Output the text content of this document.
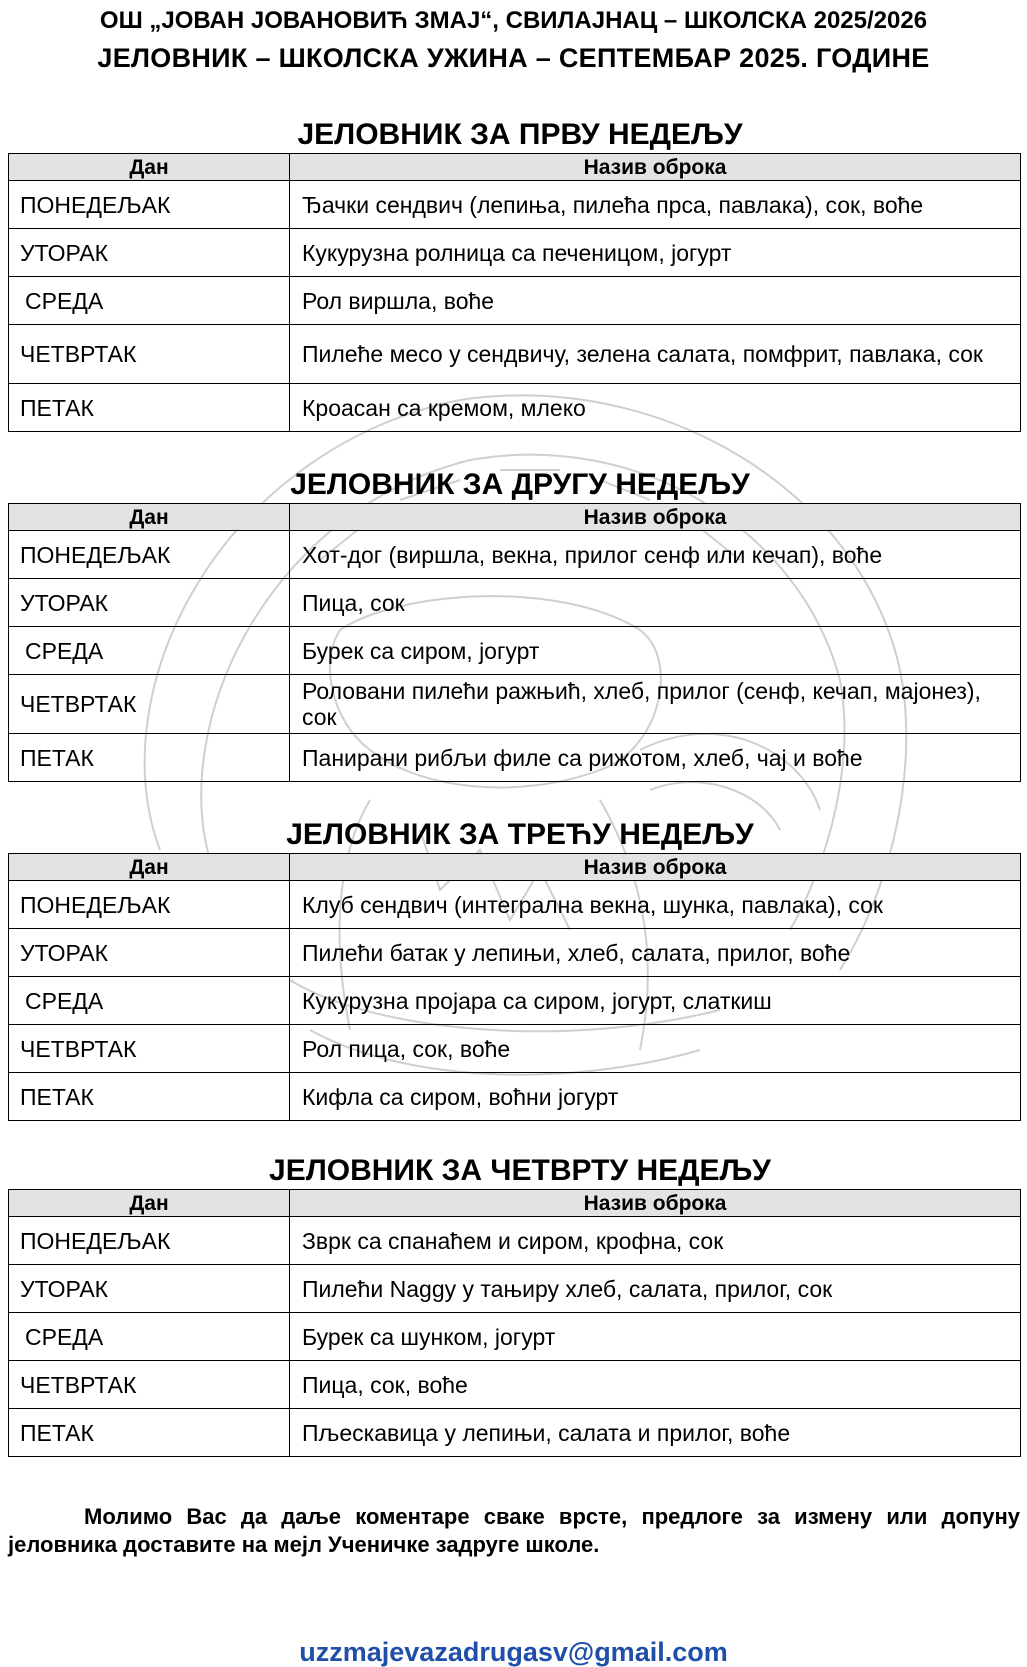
ОШ „ЈОВАН ЈОВАНОВИЋ ЗМАЈ“, СВИЛАЈНАЦ – ШКОЛСКА 2025/2026
ЈЕЛОВНИК – ШКОЛСКА УЖИНА – СЕПТЕМБАР 2025. ГОДИНЕ
ЈЕЛОВНИК ЗА ПРВУ НЕДЕЉУ
Дан	Назив оброка
ПОНЕДЕЉАК	Ђачки сендвич (лепиња, пилећа прса, павлака), сок, воће
УТОРАК	Кукурузна ролница са печеницом, јогурт
СРЕДА	Рол виршла, воће
ЧЕТВРТАК	Пилеће месо у сендвичу, зелена салата, помфрит, павлака, сок
ПЕТАК	Кроасан са кремом, млеко
ЈЕЛОВНИК ЗА ДРУГУ НЕДЕЉУ
Дан	Назив оброка
ПОНЕДЕЉАК	Хот-дог (виршла, векна, прилог сенф или кечап), воће
УТОРАК	Пица, сок
СРЕДА	Бурек са сиром, јогурт
ЧЕТВРТАК	Роловани пилећи ражњић, хлеб, прилог (сенф, кечап, мајонез), сок
ПЕТАК	Панирани рибљи филе са рижотом, хлеб, чај и воће
ЈЕЛОВНИК ЗА ТРЕЋУ НЕДЕЉУ
Дан	Назив оброка
ПОНЕДЕЉАК	Клуб сендвич (интегрална векна, шунка, павлака), сок
УТОРАК	Пилећи батак у лепињи, хлеб, салата, прилог, воће
СРЕДА	Кукурузна пројара са сиром, јогурт, слаткиш
ЧЕТВРТАК	Рол пица, сок, воће
ПЕТАК	Кифла са сиром, воћни јогурт
ЈЕЛОВНИК ЗА ЧЕТВРТУ НЕДЕЉУ
Дан	Назив оброка
ПОНЕДЕЉАК	Зврк са спанаћем и сиром, крофна, сок
УТОРАК	Пилећи Naggy у тањиру хлеб, салата, прилог, сок
СРЕДА	Бурек са шунком, јогурт
ЧЕТВРТАК	Пица, сок, воће
ПЕТАК	Пљескавица у лепињи, салата и прилог, воће

Молимо Вас да даље коментаре сваке врсте, предлоге за измену или допуну јеловника доставите на мејл Ученичке задруге школе.

uzzmajevazadrugasv@gmail.com
